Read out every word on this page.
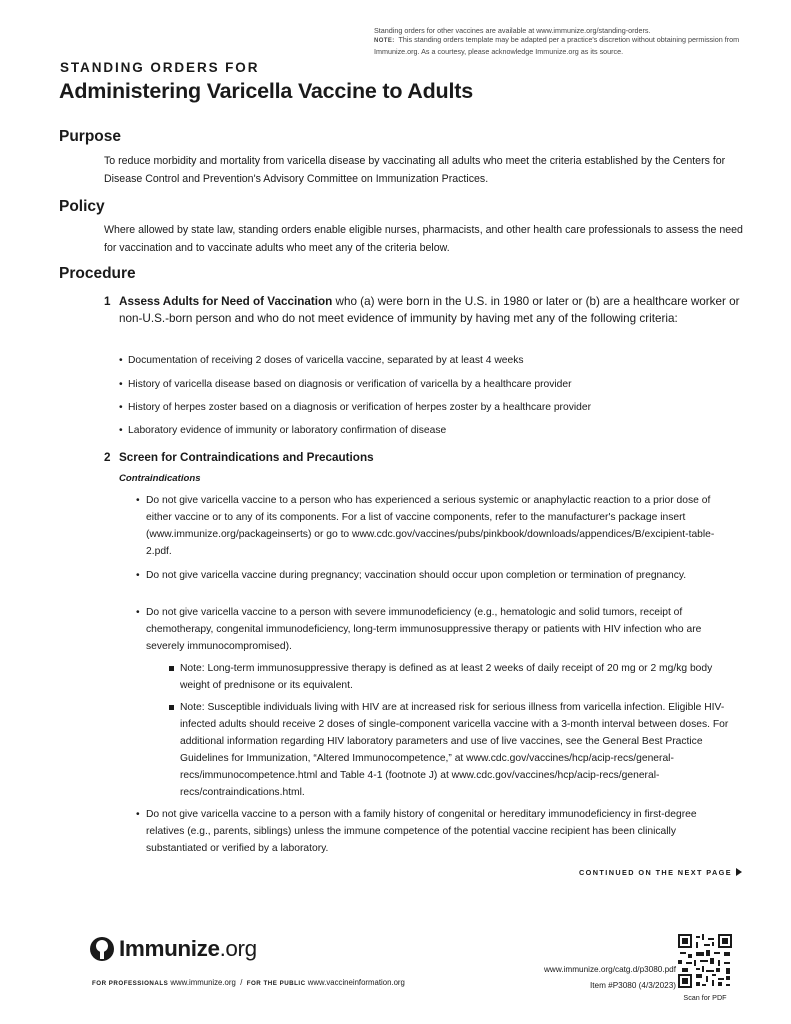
Standing orders for other vaccines are available at www.immunize.org/standing-orders.
NOTE: This standing orders template may be adapted per a practice's discretion without obtaining permission from Immunize.org. As a courtesy, please acknowledge Immunize.org as its source.
STANDING ORDERS FOR
Administering Varicella Vaccine to Adults
Purpose
To reduce morbidity and mortality from varicella disease by vaccinating all adults who meet the criteria established by the Centers for Disease Control and Prevention's Advisory Committee on Immunization Practices.
Policy
Where allowed by state law, standing orders enable eligible nurses, pharmacists, and other health care professionals to assess the need for vaccination and to vaccinate adults who meet any of the criteria below.
Procedure
1 Assess Adults for Need of Vaccination who (a) were born in the U.S. in 1980 or later or (b) are a healthcare worker or non-U.S.-born person and who do not meet evidence of immunity by having met any of the following criteria:
• Documentation of receiving 2 doses of varicella vaccine, separated by at least 4 weeks
• History of varicella disease based on diagnosis or verification of varicella by a healthcare provider
• History of herpes zoster based on a diagnosis or verification of herpes zoster by a healthcare provider
• Laboratory evidence of immunity or laboratory confirmation of disease
2 Screen for Contraindications and Precautions
Contraindications
• Do not give varicella vaccine to a person who has experienced a serious systemic or anaphylactic reaction to a prior dose of either vaccine or to any of its components. For a list of vaccine components, refer to the manufacturer's package insert (www.immunize.org/packageinserts) or go to www.cdc.gov/vaccines/pubs/pinkbook/downloads/appendices/B/excipient-table-2.pdf.
• Do not give varicella vaccine during pregnancy; vaccination should occur upon completion or termination of pregnancy.
• Do not give varicella vaccine to a person with severe immunodeficiency (e.g., hematologic and solid tumors, receipt of chemotherapy, congenital immunodeficiency, long-term immunosuppressive therapy or patients with HIV infection who are severely immunocompromised).
Note: Long-term immunosuppressive therapy is defined as at least 2 weeks of daily receipt of 20 mg or 2 mg/kg body weight of prednisone or its equivalent.
Note: Susceptible individuals living with HIV are at increased risk for serious illness from varicella infection. Eligible HIV-infected adults should receive 2 doses of single-component varicella vaccine with a 3-month interval between doses. For additional information regarding HIV laboratory parameters and use of live vaccines, see the General Best Practice Guidelines for Immunization, “Altered Immunocompetence,” at www.cdc.gov/vaccines/hcp/acip-recs/general-recs/immunocompetence.html and Table 4-1 (footnote J) at www.cdc.gov/vaccines/hcp/acip-recs/general-recs/contraindications.html.
• Do not give varicella vaccine to a person with a family history of congenital or hereditary immunodeficiency in first-degree relatives (e.g., parents, siblings) unless the immune competence of the potential vaccine recipient has been clinically substantiated or verified by a laboratory.
CONTINUED ON THE NEXT PAGE
Immunize.org
FOR PROFESSIONALS www.immunize.org / FOR THE PUBLIC www.vaccineinformation.org
www.immunize.org/catg.d/p3080.pdf
Item #P3080 (4/3/2023)
Scan for PDF
